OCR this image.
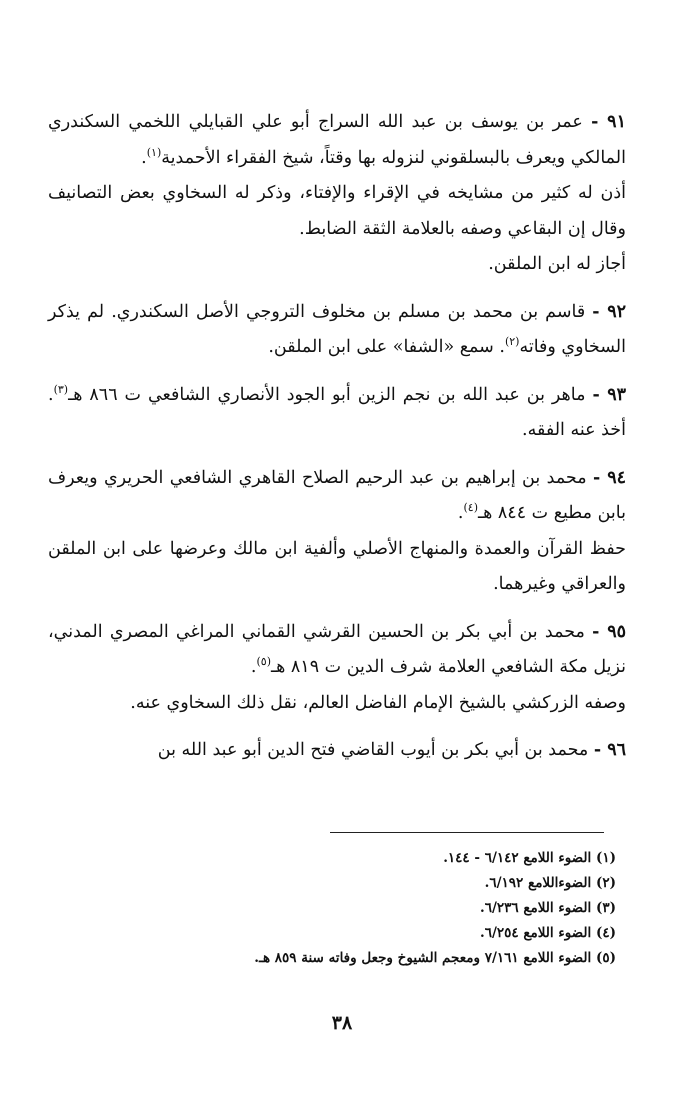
٩١ - عمر بن يوسف بن عبد الله السراج أبو علي القبايلي اللخمي السكندري المالكي ويعرف بالبسلقوني لنزوله بها وقتاً، شيخ الفقراء الأحمدية$^{(١)}$.

أذن له كثير من مشايخه في الإقراء والإفتاء، وذكر له السخاوي بعض التصانيف وقال إن البقاعي وصفه بالعلامة الثقة الضابط.

أجاز له ابن الملقن.

٩٢ - قاسم بن محمد بن مسلم بن مخلوف التروجي الأصل السكندري. لم يذكر السخاوي وفاته$^{(٢)}$. سمع «الشفا» على ابن الملقن.

٩٣ - ماهر بن عبد الله بن نجم الزين أبو الجود الأنصاري الشافعي ت ٨٦٦ هـ$^{(٣)}$. أخذ عنه الفقه.

٩٤ - محمد بن إبراهيم بن عبد الرحيم الصلاح القاهري الشافعي الحريري ويعرف بابن مطيع ت ٨٤٤ هـ$^{(٤)}$.

حفظ القرآن والعمدة والمنهاج الأصلي وألفية ابن مالك وعرضها على ابن الملقن والعراقي وغيرهما.

٩٥ - محمد بن أبي بكر بن الحسين القرشي القماني المراغي المصري المدني، نزيل مكة الشافعي العلامة شرف الدين ت ٨١٩ هـ$^{(٥)}$.

وصفه الزركشي بالشيخ الإمام الفاضل العالم، نقل ذلك السخاوي عنه.

٩٦ - محمد بن أبي بكر بن أيوب القاضي فتح الدين أبو عبد الله بن

(١) الضوء اللامع ٦/١٤٢ - ١٤٤.
(٢) الضوءاللامع ٦/١٩٢.
(٣) الضوء اللامع ٦/٢٣٦.
(٤) الضوء اللامع ٦/٢٥٤.
(٥) الضوء اللامع ٧/١٦١ ومعجم الشيوخ وجعل وفاته سنة ٨٥٩ هـ.
٣٨
